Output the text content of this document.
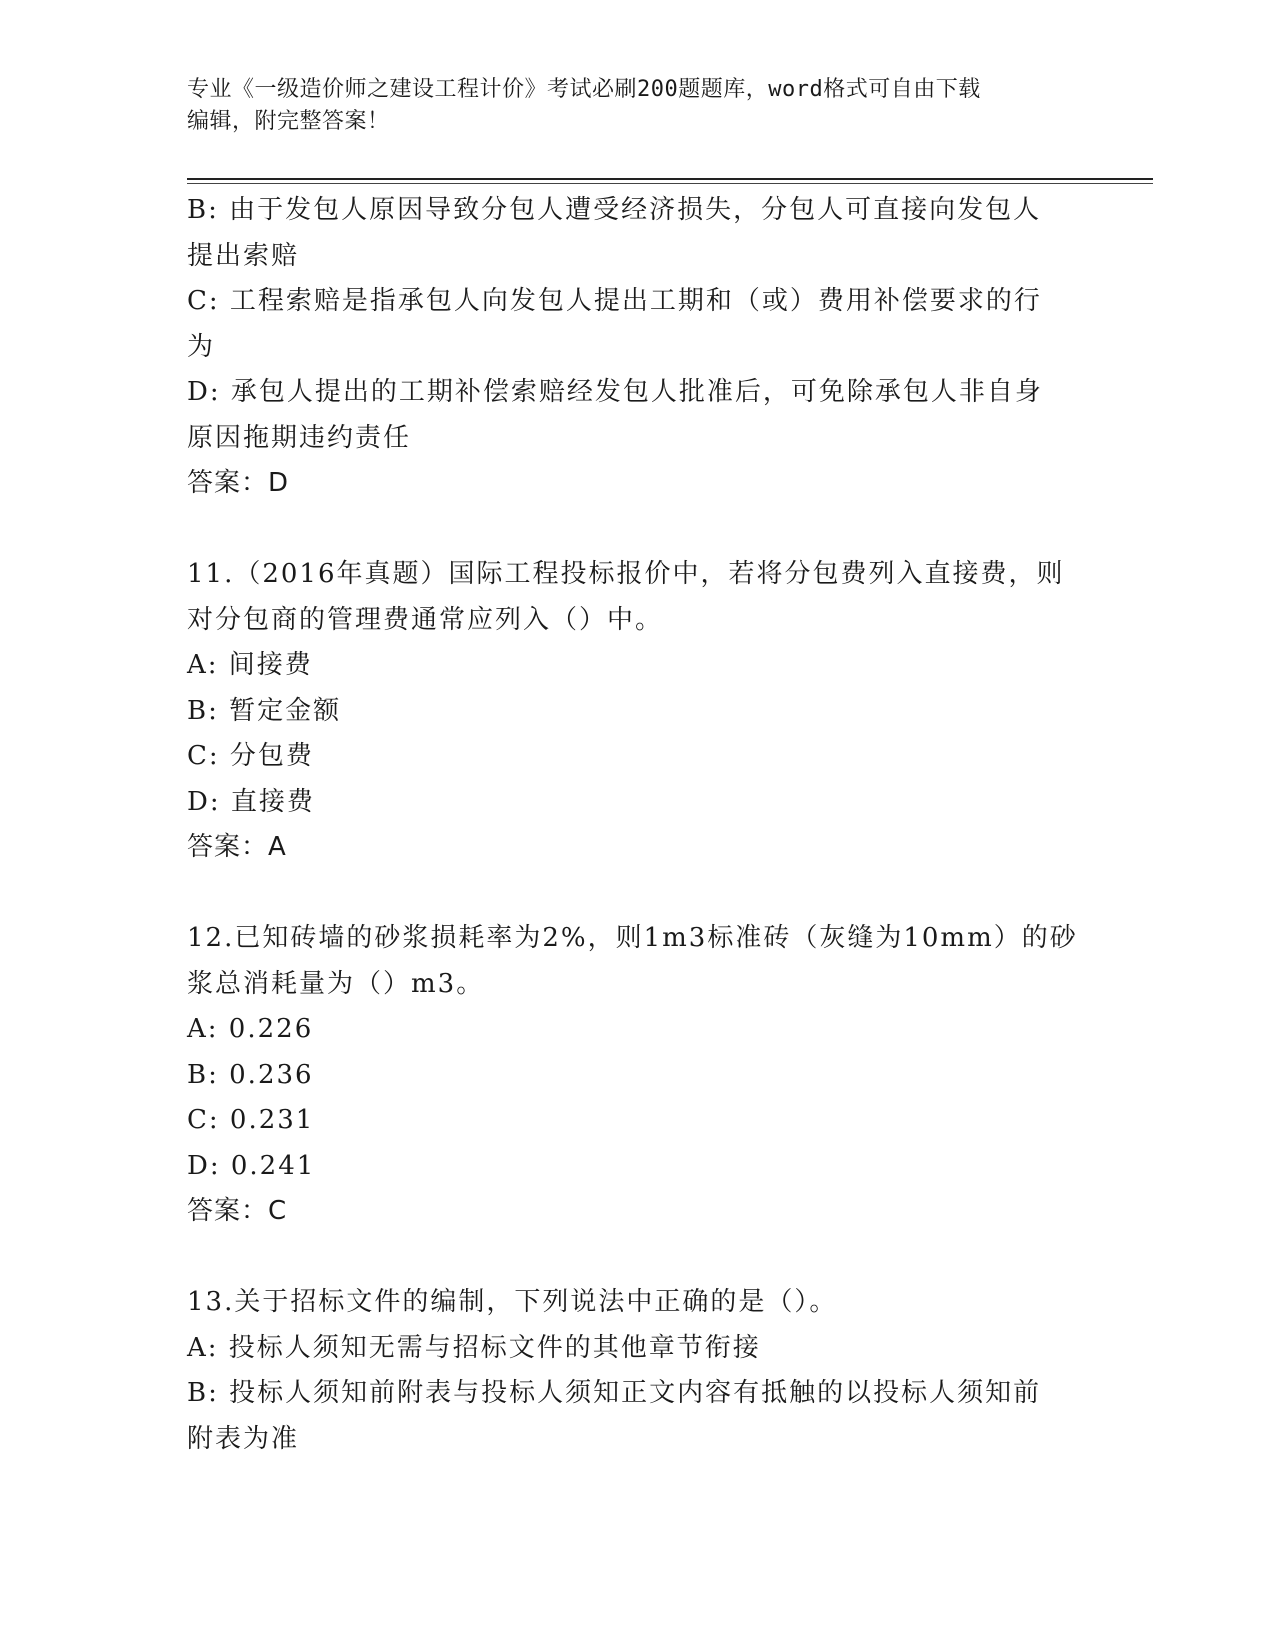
专业《一级造价师之建设工程计价》考试必刷200题题库，word格式可自由下载
编辑，附完整答案！
B: 由于发包人原因导致分包人遭受经济损失，分包人可直接向发包人
提出索赔
C: 工程索赔是指承包人向发包人提出工期和（或）费用补偿要求的行
为
D: 承包人提出的工期补偿索赔经发包人批准后，可免除承包人非自身
原因拖期违约责任
答案：D
11.（2016年真题）国际工程投标报价中，若将分包费列入直接费，则
对分包商的管理费通常应列入（）中。
A: 间接费
B: 暂定金额
C: 分包费
D: 直接费
答案：A
12.已知砖墙的砂浆损耗率为2%，则1m3标准砖（灰缝为10mm）的砂
浆总消耗量为（）m3。
A: 0.226
B: 0.236
C: 0.231
D: 0.241
答案：C
13.关于招标文件的编制，下列说法中正确的是（）。
A: 投标人须知无需与招标文件的其他章节衔接
B: 投标人须知前附表与投标人须知正文内容有抵触的以投标人须知前
附表为准
